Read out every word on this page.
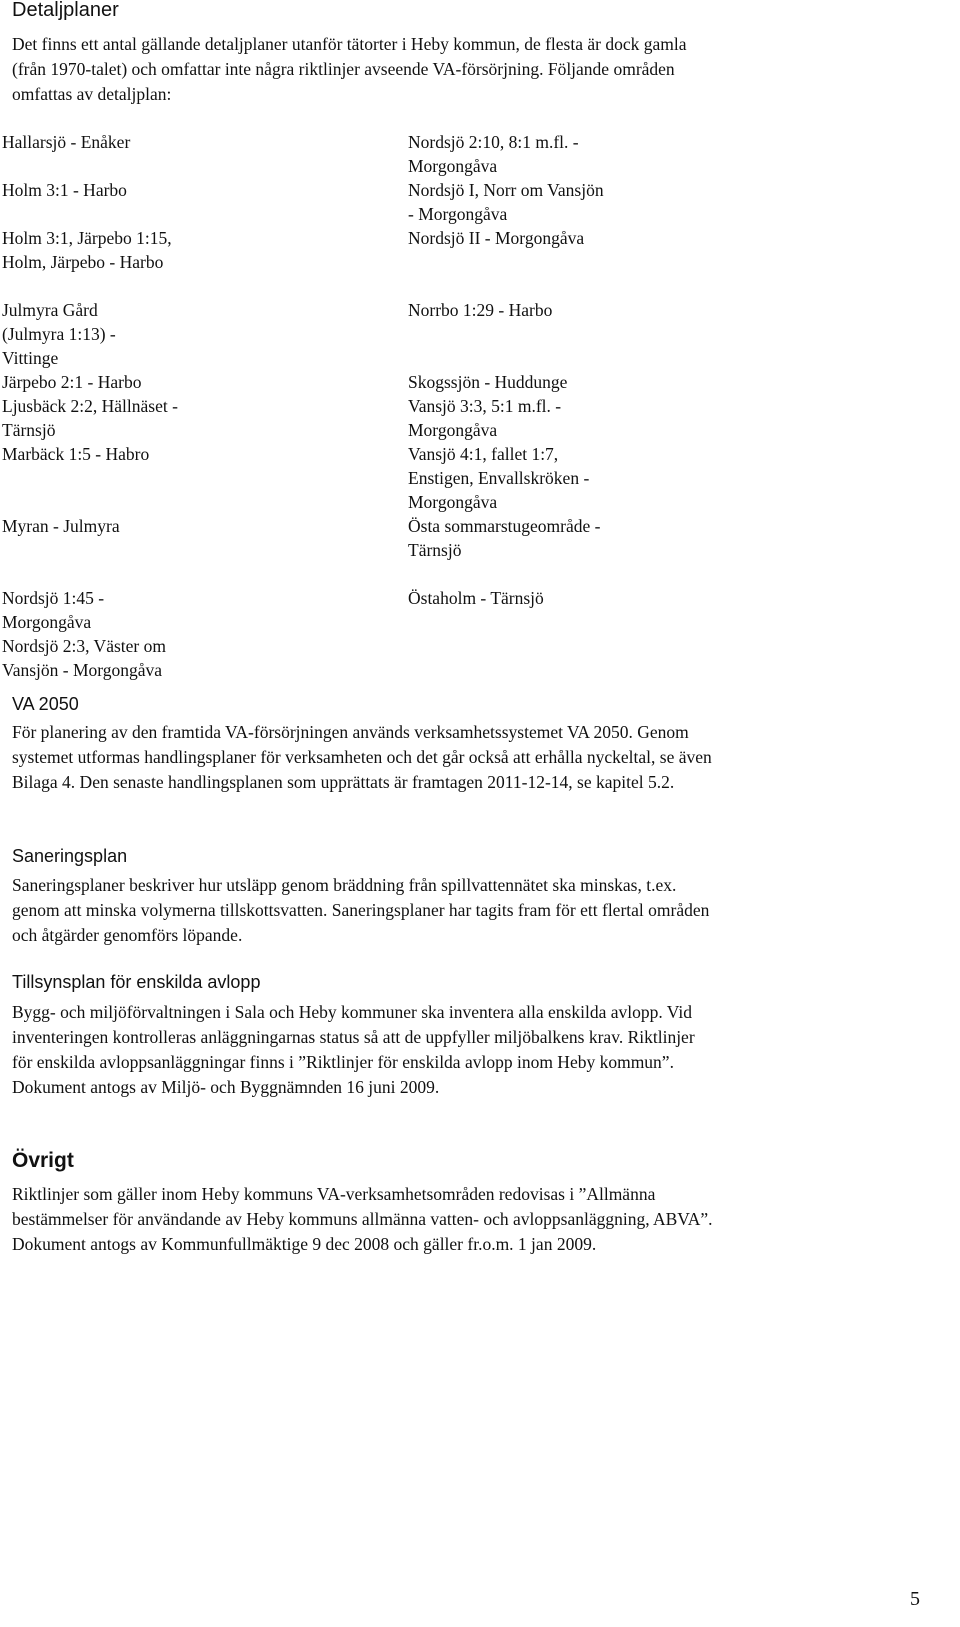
Detaljplaner

Det finns ett antal gällande detaljplaner utanför tätorter i Heby kommun, de flesta är dock gamla (från 1970-talet) och omfattar inte några riktlinjer avseende VA-försörjning. Följande områden omfattas av detaljplan:

Hallarsjö - Enåker
Holm 3:1 - Harbo
Holm 3:1, Järpebo 1:15, Holm, Järpebo - Harbo
Julmyra Gård (Julmyra 1:13) - Vittinge
Järpebo 2:1 - Harbo
Ljusbäck 2:2, Hällnäset - Tärnsjö
Marbäck 1:5 - Habro
Myran - Julmyra
Nordsjö 1:45 - Morgongåva
Nordsjö 2:3, Väster om Vansjön - Morgongåva
Nordsjö 2:10, 8:1 m.fl. - Morgongåva
Nordsjö I, Norr om Vansjön - Morgongåva
Nordsjö II - Morgongåva
Norrbo 1:29 - Harbo
Skogssjön - Huddunge
Vansjö 3:3, 5:1 m.fl. - Morgongåva
Vansjö 4:1, fallet 1:7, Enstigen, Envallskröken - Morgongåva
Östa sommarstugeområde - Tärnsjö
Östaholm - Tärnsjö
VA 2050

För planering av den framtida VA-försörjningen används verksamhetssystemet VA 2050. Genom systemet utformas handlingsplaner för verksamheten och det går också att erhålla nyckeltal, se även Bilaga 4. Den senaste handlingsplanen som upprättats är framtagen 2011-12-14, se kapitel 5.2.

Saneringsplan

Saneringsplaner beskriver hur utsläpp genom bräddning från spillvattennätet ska minskas, t.ex. genom att minska volymerna tillskottsvatten. Saneringsplaner har tagits fram för ett flertal områden och åtgärder genomförs löpande.

Tillsynsplan för enskilda avlopp

Bygg- och miljöförvaltningen i Sala och Heby kommuner ska inventera alla enskilda avlopp. Vid inventeringen kontrolleras anläggningarnas status så att de uppfyller miljöbalkens krav. Riktlinjer för enskilda avloppsanläggningar finns i ”Riktlinjer för enskilda avlopp inom Heby kommun”. Dokument antogs av Miljö- och Byggnämnden 16 juni 2009.

Övrigt

Riktlinjer som gäller inom Heby kommuns VA-verksamhetsområden redovisas i ”Allmänna bestämmelser för användande av Heby kommuns allmänna vatten- och avloppsanläggning, ABVA”. Dokument antogs av Kommunfullmäktige 9 dec 2008 och gäller fr.o.m. 1 jan 2009.

5
